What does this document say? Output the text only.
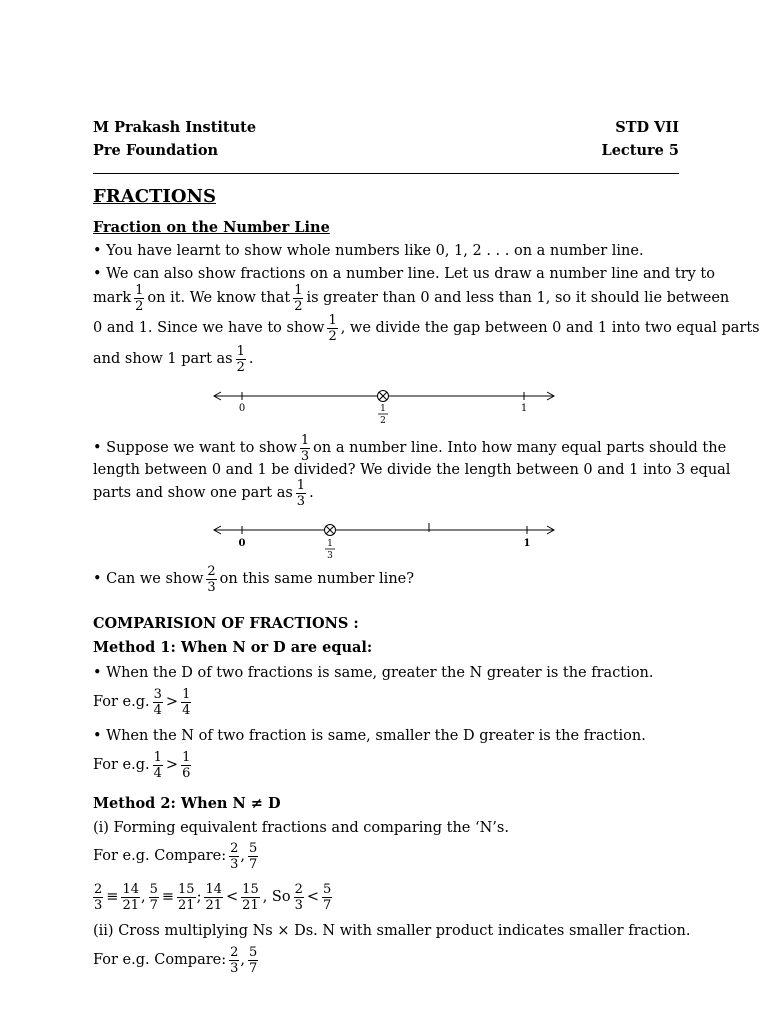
M Prakash Institute
Pre Foundation
STD VII
Lecture 5
FRACTIONS
Fraction on the Number Line
• You have learnt to show whole numbers like 0, 1, 2 . . . on a number line.
• We can also show fractions on a number line. Let us draw a number line and try to
mark $\frac{1}{2}$ on it. We know that $\frac{1}{2}$ is greater than 0 and less than 1, so it should lie between
0 and 1. Since we have to show $\frac{1}{2}$ , we divide the gap between 0 and 1 into two equal parts
and show 1 part as $\frac{1}{2}$ .
0	1
1
2
• Suppose we want to show $\frac{1}{3}$ on a number line. Into how many equal parts should the
length between 0 and 1 be divided? We divide the length between 0 and 1 into 3 equal
parts and show one part as $\frac{1}{3}$ .
0	1
1
3
• Can we show $\frac{2}{3}$ on this same number line?
COMPARISION OF FRACTIONS :
Method 1: When N or D are equal:
• When the D of two fractions is same, greater the N greater is the fraction.
For e.g. $\frac{3}{4} > \frac{1}{4}$
• When the N of two fraction is same, smaller the D greater is the fraction.
For e.g. $\frac{1}{4} > \frac{1}{6}$
Method 2: When N ≠ D
(i) Forming equivalent fractions and comparing the ‘N’s.
For e.g. Compare: $\frac{2}{3}$ , $\frac{5}{7}$
$\frac{2}{3} \equiv \frac{14}{21}$ , $\frac{5}{7} \equiv \frac{15}{21}$ ; $\frac{14}{21} < \frac{15}{21}$ , So $\frac{2}{3} < \frac{5}{7}$
(ii) Cross multiplying Ns × Ds. N with smaller product indicates smaller fraction.
For e.g. Compare: $\frac{2}{3}$ , $\frac{5}{7}$
